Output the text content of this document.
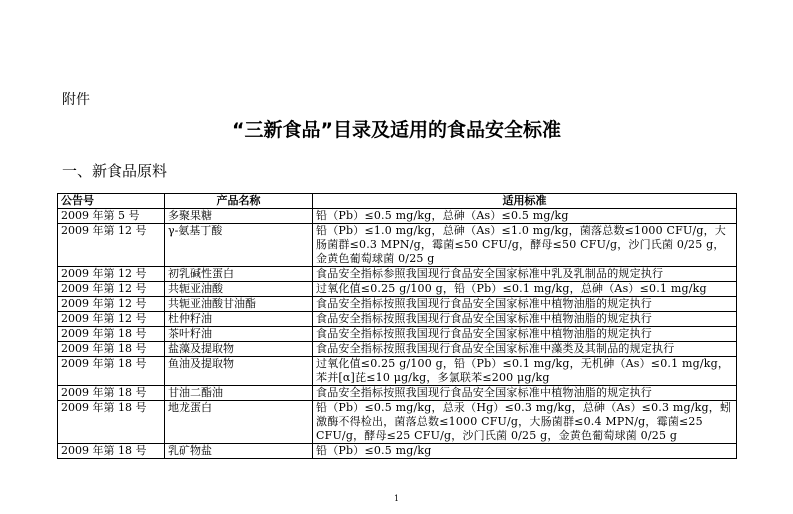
附件
“三新食品”目录及适用的食品安全标准
一、新食品原料
公告号	产品名称	适用标准
2009 年第 5 号	多聚果糖	铅（Pb）≤0.5 mg/kg，总砷（As）≤0.5 mg/kg
2009 年第 12 号	γ-氨基丁酸	铅（Pb）≤1.0 mg/kg，总砷（As）≤1.0 mg/kg，菌落总数≤1000 CFU/g，大肠菌群≤0.3 MPN/g，霉菌≤50 CFU/g，酵母≤50 CFU/g，沙门氏菌 0/25 g，金黄色葡萄球菌 0/25 g
2009 年第 12 号	初乳碱性蛋白	食品安全指标参照我国现行食品安全国家标准中乳及乳制品的规定执行
2009 年第 12 号	共轭亚油酸	过氧化值≤0.25 g/100 g，铅（Pb）≤0.1 mg/kg，总砷（As）≤0.1 mg/kg
2009 年第 12 号	共轭亚油酸甘油酯	食品安全指标按照我国现行食品安全国家标准中植物油脂的规定执行
2009 年第 12 号	杜仲籽油	食品安全指标按照我国现行食品安全国家标准中植物油脂的规定执行
2009 年第 18 号	茶叶籽油	食品安全指标按照我国现行食品安全国家标准中植物油脂的规定执行
2009 年第 18 号	盐藻及提取物	食品安全指标按照我国现行食品安全国家标准中藻类及其制品的规定执行
2009 年第 18 号	鱼油及提取物	过氧化值≤0.25 g/100 g，铅（Pb）≤0.1 mg/kg，无机砷（As）≤0.1 mg/kg，苯并[α]芘≤10 μg/kg，多氯联苯≤200 μg/kg
2009 年第 18 号	甘油二酯油	食品安全指标按照我国现行食品安全国家标准中植物油脂的规定执行
2009 年第 18 号	地龙蛋白	铅（Pb）≤0.5 mg/kg，总汞（Hg）≤0.3 mg/kg，总砷（As）≤0.3 mg/kg，蚓激酶不得检出，菌落总数≤1000 CFU/g，大肠菌群≤0.4 MPN/g，霉菌≤25 CFU/g，酵母≤25 CFU/g，沙门氏菌 0/25 g，金黄色葡萄球菌 0/25 g
2009 年第 18 号	乳矿物盐	铅（Pb）≤0.5 mg/kg
1
